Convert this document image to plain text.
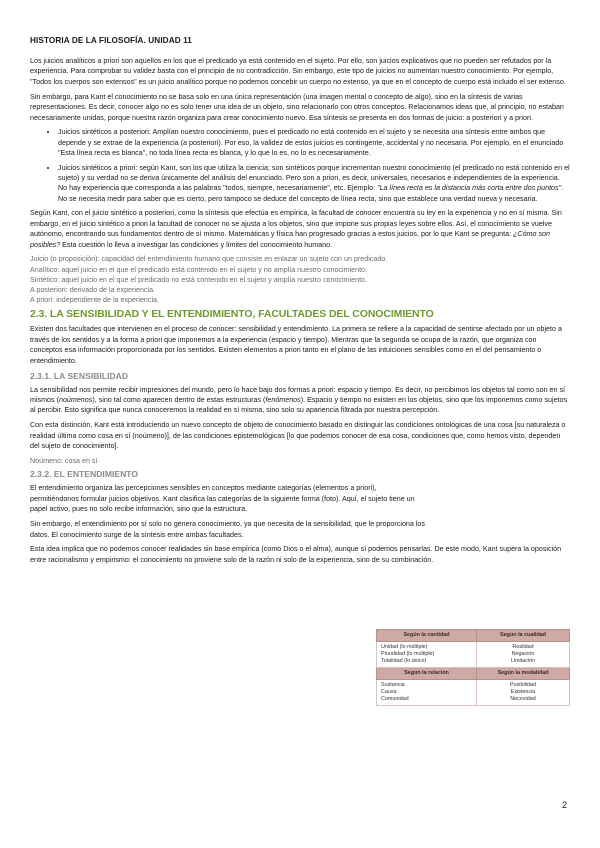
HISTORIA DE LA FILOSOFÍA. UNIDAD 11

Los juicios analíticos a priori son aquellos en los que el predicado ya está contenido en el sujeto. Por ello, son juicios explicativos que no pueden ser refutados por la experiencia. Para comprobar su validez basta con el principio de no contradicción. Sin embargo, este tipo de juicios no aumentan nuestro conocimiento. Por ejemplo, "Todos los cuerpos son extensos" es un juicio analítico porque no podemos concebir un cuerpo no extenso, ya que en el concepto de cuerpo está incluido el ser extenso.

Sin embargo, para Kant el conocimiento no se basa solo en una única representación (una imagen mental o concepto de algo), sino en la síntesis de varias representaciones. Es decir, conocer algo no es solo tener una idea de un objeto, sino relacionarlo con otros conceptos. Relacionamos ideas que, al principio, no estaban necesariamente unidas, porque nuestra razón organiza para crear conocimiento nuevo. Esa síntesis se presenta en dos formas de juicio: a posteriori y a priori.

• Juicios sintéticos a posteriori: Amplían nuestro conocimiento, pues el predicado no está contenido en el sujeto y se necesita una síntesis entre ambos que depende y se extrae de la experiencia (a posteriori). Por eso, la validez de estos juicios es contingente, accidental y no necesaria. Por ejemplo, en el enunciado "Esta línea recta es blanca", no toda línea recta es blanca, y lo que lo es, no lo es necesariamente.
• Juicios sintéticos a priori: según Kant, son los que utiliza la ciencia; son sintéticos porque incrementan nuestro conocimiento (el predicado no está contenido en el sujeto) y su verdad no se deriva únicamente del análisis del enunciado. Pero son a priori, es decir, universales, necesarios e independientes de la experiencia. No hay experiencia que corresponda a las palabras "todos, siempre, necesariamente", etc. Ejemplo: "La línea recta es la distancia más corta entre dos puntos". No se necesita medir para saber que es cierto, pero tampoco se deduce del concepto de línea recta, sino que establece una verdad nueva y necesaria.

Según Kant, con el juicio sintético a posteriori, como la síntesis que efectúa es empírica, la facultad de conocer encuentra su ley en la experiencia y no en sí misma. Sin embargo, en el juicio sintético a priori la facultad de conocer no se ajusta a los objetos, sino que impone sus propias leyes sobre ellos. Así, el conocimiento se vuelve autónomo, encontrando sus fundamentos dentro de sí mismo. Matemáticas y física han progresado gracias a estos juicios, por lo que Kant se pregunta: ¿Cómo son posibles? Esta cuestión lo lleva a investigar las condiciones y límites del conocimiento humano.

Juicio (o proposición): capacidad del entendimiento humano que consiste en enlazar un sujeto con un predicado.
Analítico: aquel juicio en el que el predicado está contenido en el sujeto y no amplía nuestro conocimiento.
Sintético: aquel juicio en el que el predicado no está contenido en el sujeto y amplía nuestro conocimiento.
A posteriori: derivado de la experiencia.
A priori: independiente de la experiencia.
2.3. LA SENSIBILIDAD Y EL ENTENDIMIENTO, FACULTADES DEL CONOCIMIENTO

Existen dos facultades que intervienen en el proceso de conocer: sensibilidad y entendimiento. La primera se refiere a la capacidad de sentirse afectado por un objeto a través de los sentidos y a la forma a priori que imponemos a la experiencia (espacio y tiempo). Mientras que la segunda se ocupa de la razón, que organiza con conceptos esa información proporcionada por los sentidos. Existen elementos a priori tanto en el plano de las intuiciones sensibles como en el del pensamiento o entendimiento.

2.3.1. LA SENSIBILIDAD

La sensibilidad nos permite recibir impresiones del mundo, pero lo hace bajo dos formas a priori: espacio y tiempo. Es decir, no percibimos los objetos tal como son en sí mismos (noúmenos), sino tal como aparecen dentro de estas estructuras (fenómenos). Espacio y tiempo no existen en los objetos, sino que los imponemos como sujetos al percibir. Esto significa que nunca conoceremos la realidad en sí misma, sino solo su apariencia filtrada por nuestra percepción.

Con esta distinción, Kant está introduciendo un nuevo concepto de objeto de conocimiento basado en distinguir las condiciones ontológicas de una cosa [su naturaleza o realidad última como cosa en sí (noúmeno)], de las condiciones epistemológicas [lo que podemos conocer de esa cosa, condiciones que, como hemos visto, dependen del sujeto de conocimiento].

Noúmeno: cosa en sí
2.3.2. EL ENTENDIMIENTO

El entendimiento organiza las percepciones sensibles en conceptos mediante categorías (elementos a priori), permitiéndonos formular juicios objetivos. Kant clasifica las categorías de la siguiente forma (foto). Aquí, el sujeto tiene un papel activo, pues no solo recibe información, sino que la estructura.

Sin embargo, el entendimiento por sí solo no genera conocimiento, ya que necesita de la sensibilidad, que le proporciona los datos. El conocimiento surge de la síntesis entre ambas facultades.

Esta idea implica que no podemos conocer realidades sin base empírica (como Dios o el alma), aunque sí podemos pensarlas. De este modo, Kant supera la oposición entre racionalismo y empirismo: el conocimiento no proviene solo de la razón ni solo de la experiencia, sino de su combinación.

Según la cantidad	Según la cualidad
Unidad (lo múltiple)	Realidad
Pluralidad (lo múltiple)	Negación
Totalidad (lo único)	Limitación
Según la relación	Según la modalidad
Sustancia	Posibilidad
Causa	Existencia
Comunidad	Necesidad
2
